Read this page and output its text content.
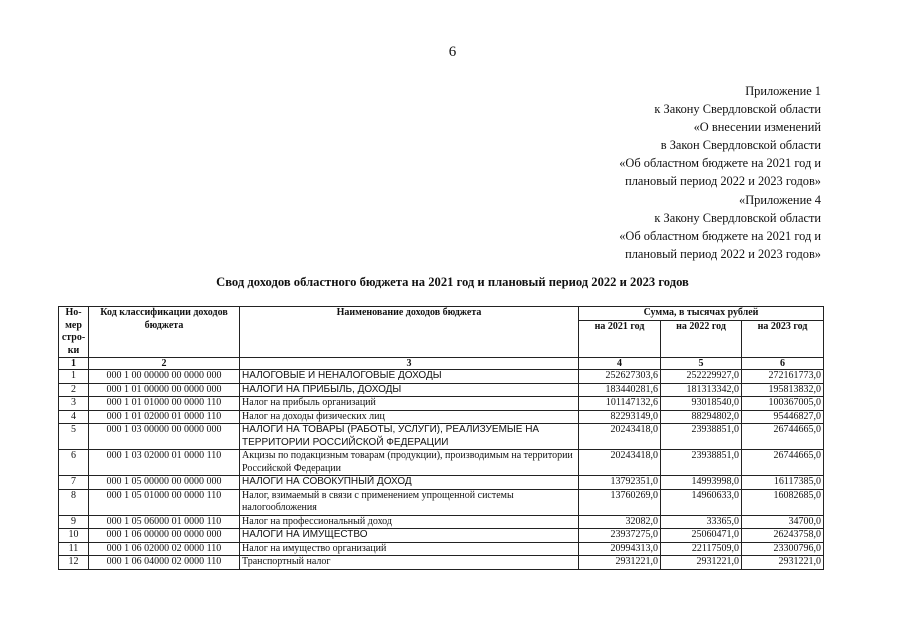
6
Приложение 1
к Закону Свердловской области
«О внесении изменений
в Закон Свердловской области
«Об областном бюджете на 2021 год и
плановый период 2022 и 2023 годов»
«Приложение 4
к Закону Свердловской области
«Об областном бюджете на 2021 год и
плановый период 2022 и 2023 годов»
Свод доходов областного бюджета на 2021 год и плановый период 2022 и 2023 годов
Но-мер стро-ки	Код классификации доходов бюджета	Наименование доходов бюджета	Сумма, в тысячах рублей		
			на 2021 год	на 2022 год	на 2023 год
1	2	3	4	5	6
1	000 1 00 00000 00 0000 000	НАЛОГОВЫЕ И НЕНАЛОГОВЫЕ ДОХОДЫ	252627303,6	252229927,0	272161773,0
2	000 1 01 00000 00 0000 000	НАЛОГИ НА ПРИБЫЛЬ, ДОХОДЫ	183440281,6	181313342,0	195813832,0
3	000 1 01 01000 00 0000 110	Налог на прибыль организаций	101147132,6	93018540,0	100367005,0
4	000 1 01 02000 01 0000 110	Налог на доходы физических лиц	82293149,0	88294802,0	95446827,0
5	000 1 03 00000 00 0000 000	НАЛОГИ НА ТОВАРЫ (РАБОТЫ, УСЛУГИ), РЕАЛИЗУЕМЫЕ НА ТЕРРИТОРИИ РОССИЙСКОЙ ФЕДЕРАЦИИ	20243418,0	23938851,0	26744665,0
6	000 1 03 02000 01 0000 110	Акцизы по подакцизным товарам (продукции), производимым на территории Российской Федерации	20243418,0	23938851,0	26744665,0
7	000 1 05 00000 00 0000 000	НАЛОГИ НА СОВОКУПНЫЙ ДОХОД	13792351,0	14993998,0	16117385,0
8	000 1 05 01000 00 0000 110	Налог, взимаемый в связи с применением упрощенной системы налогообложения	13760269,0	14960633,0	16082685,0
9	000 1 05 06000 01 0000 110	Налог на профессиональный доход	32082,0	33365,0	34700,0
10	000 1 06 00000 00 0000 000	НАЛОГИ НА ИМУЩЕСТВО	23937275,0	25060471,0	26243758,0
11	000 1 06 02000 02 0000 110	Налог на имущество организаций	20994313,0	22117509,0	23300796,0
12	000 1 06 04000 02 0000 110	Транспортный налог	2931221,0	2931221,0	2931221,0
